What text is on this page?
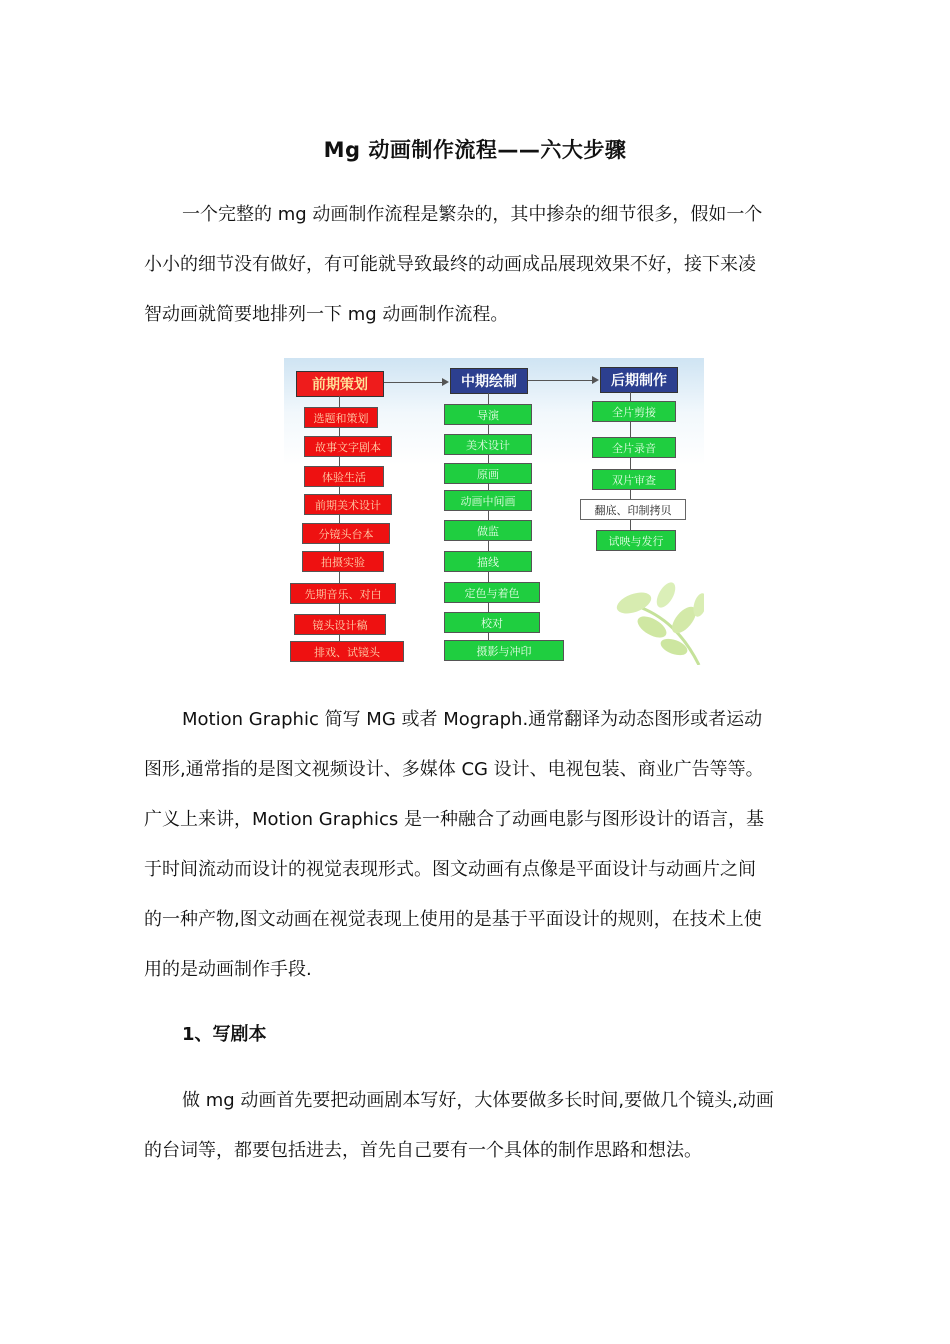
Mg 动画制作流程——六大步骤

一个完整的 mg 动画制作流程是繁杂的，其中掺杂的细节很多，假如一个
小小的细节没有做好，有可能就导致最终的动画成品展现效果不好，接下来凌
智动画就简要地排列一下 mg 动画制作流程。

前期策划	中期绘制	后期制作
选题和策划
故事文字剧本
体验生活
前期美术设计
分镜头台本
拍摄实验
先期音乐、对白
镜头设计稿
排戏、试镜头
导演
美术设计
原画
动画中间画
做监
描线
定色与着色
校对
摄影与冲印
全片剪接
全片录音
双片审查
翻底、印制拷贝
试映与发行

Motion Graphic 简写 MG 或者 Mograph.通常翻译为动态图形或者运动
图形,通常指的是图文视频设计、多媒体 CG 设计、电视包装、商业广告等等。
广义上来讲，Motion Graphics 是一种融合了动画电影与图形设计的语言，基
于时间流动而设计的视觉表现形式。图文动画有点像是平面设计与动画片之间
的一种产物,图文动画在视觉表现上使用的是基于平面设计的规则，在技术上使
用的是动画制作手段.

1、写剧本

做 mg 动画首先要把动画剧本写好，大体要做多长时间,要做几个镜头,动画
的台词等，都要包括进去，首先自己要有一个具体的制作思路和想法。
